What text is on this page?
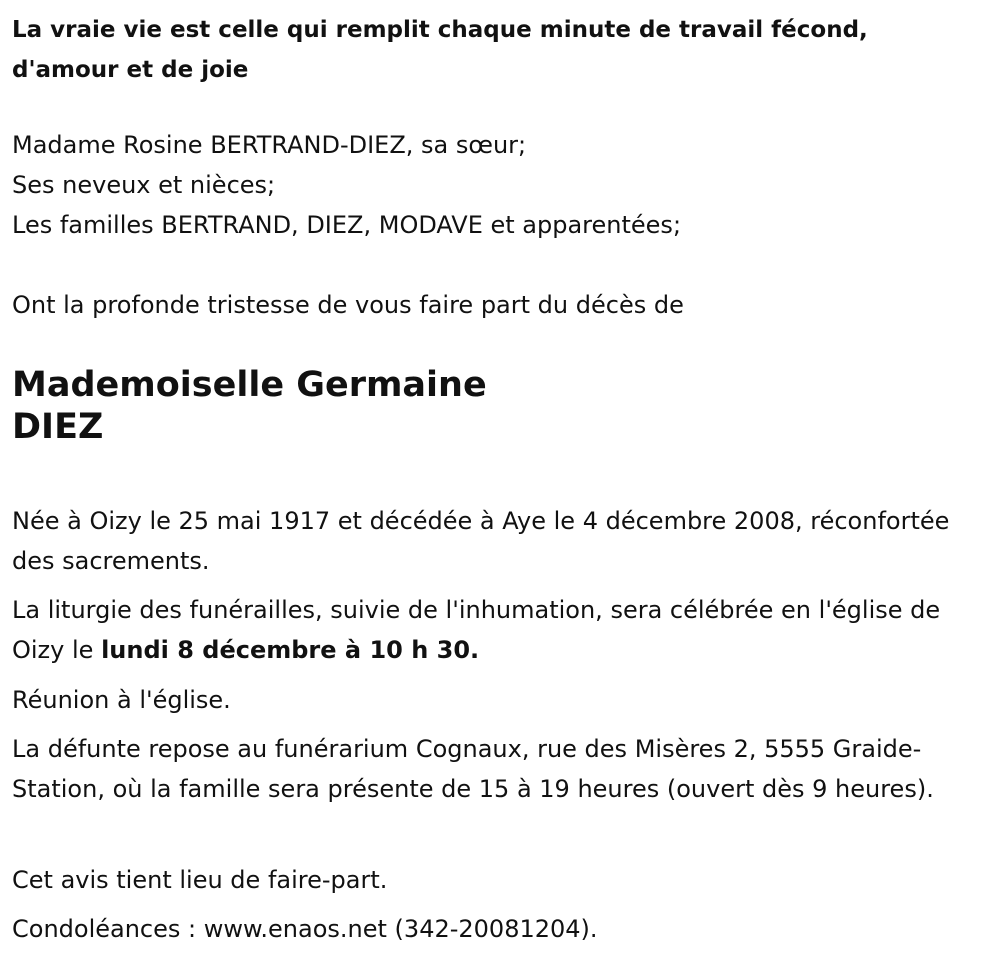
La vraie vie est celle qui remplit chaque minute de travail fécond, d'amour et de joie

Madame Rosine BERTRAND-DIEZ, sa sœur;

Ses neveux et nièces;

Les familles BERTRAND, DIEZ, MODAVE et apparentées;

Ont la profonde tristesse de vous faire part du décès de

Mademoiselle Germaine
DIEZ

Née à Oizy le 25 mai 1917 et décédée à Aye le 4 décembre 2008, réconfortée des sacrements.

La liturgie des funérailles, suivie de l'inhumation, sera célébrée en l'église de Oizy le lundi 8 décembre à 10 h 30.

Réunion à l'église.

La défunte repose au funérarium Cognaux, rue des Misères 2, 5555 Graide-Station, où la famille sera présente de 15 à 19 heures (ouvert dès 9 heures).

Cet avis tient lieu de faire-part.

Condoléances : www.enaos.net (342-20081204).
